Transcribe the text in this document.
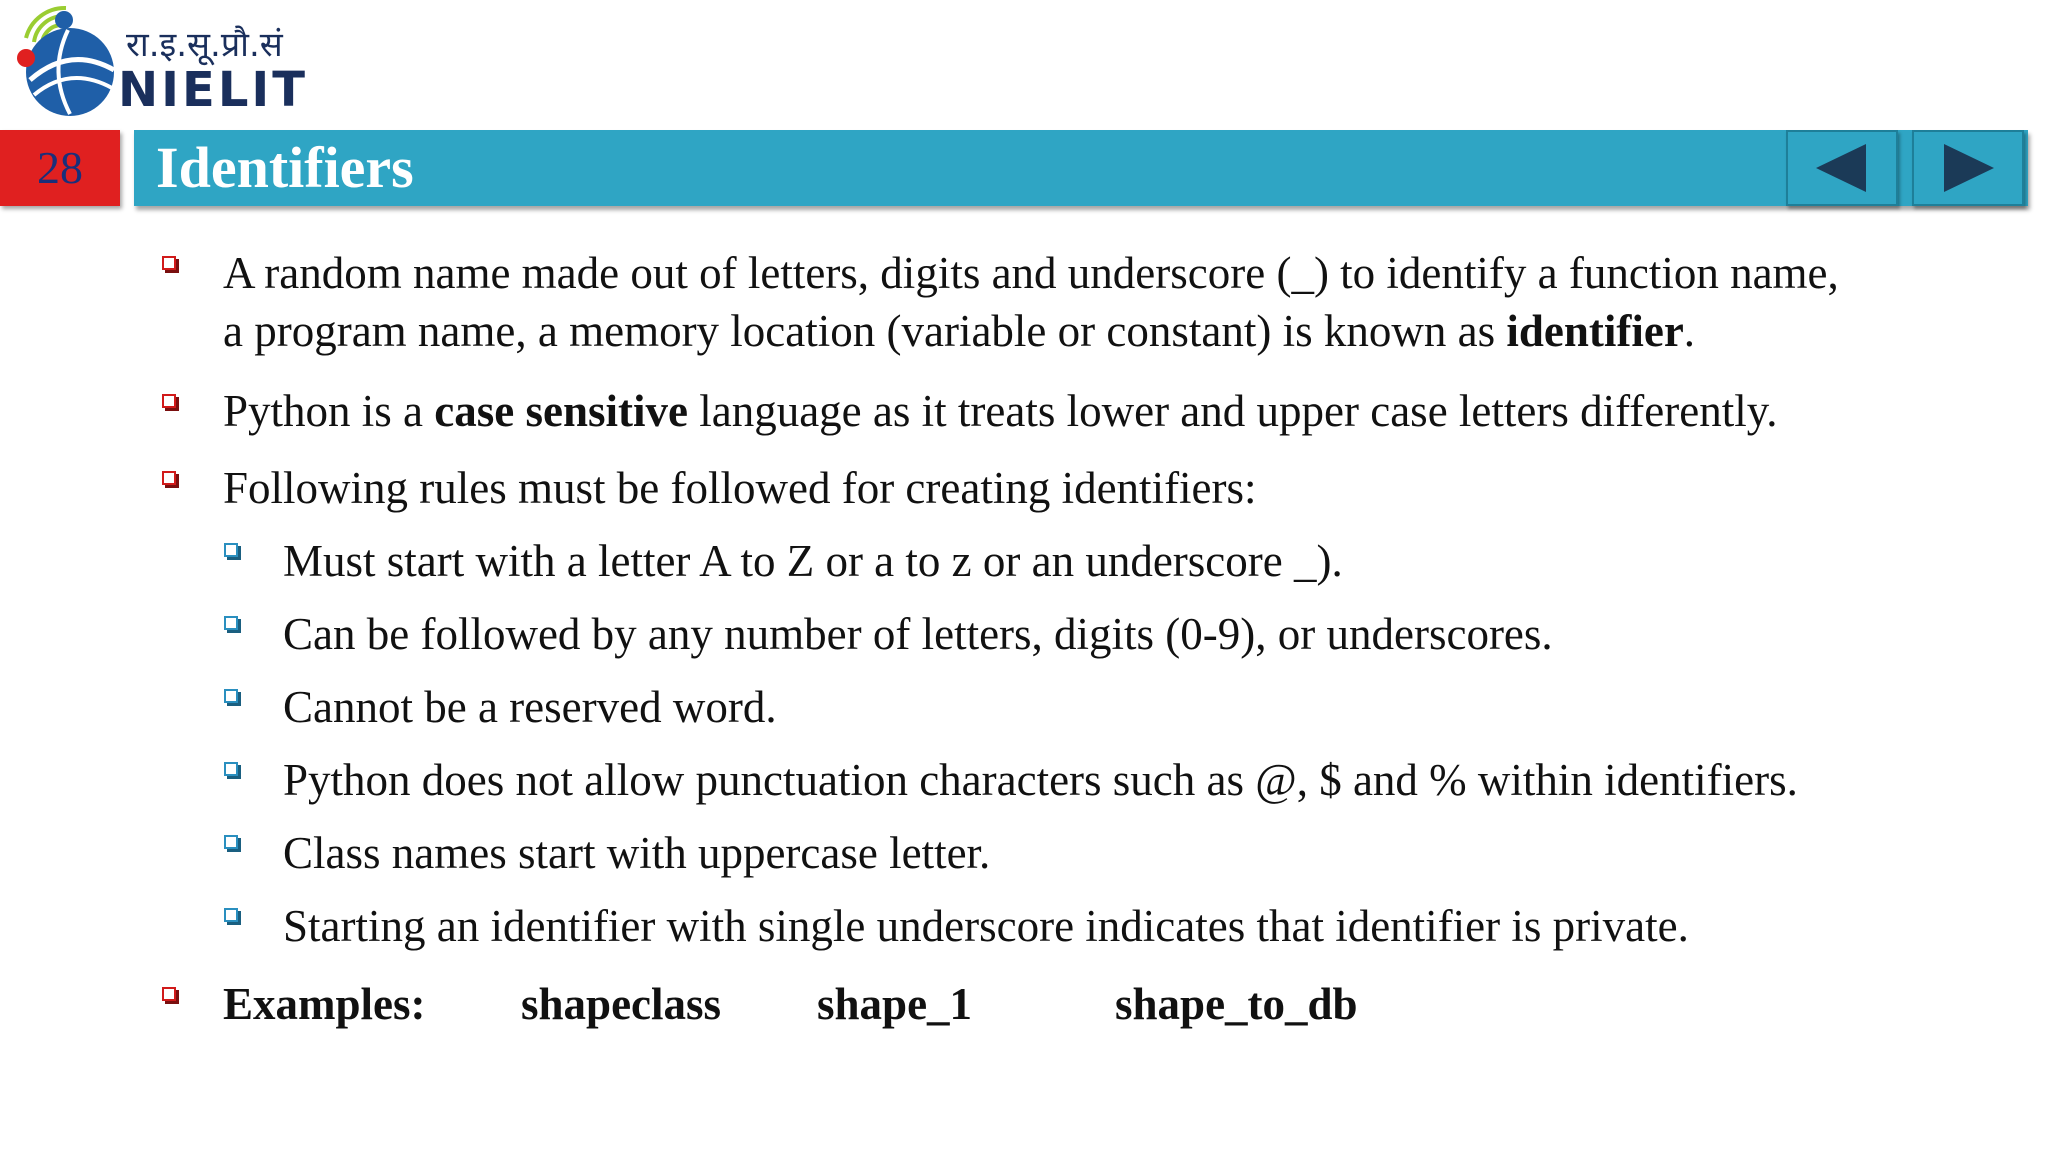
रा.इ.सू.प्रौ.सं
NIELIT
28	Identifiers
A random name made out of letters, digits and underscore (_) to identify a function name,
a program name, a memory location (variable or constant) is known as identifier.
Python is a case sensitive language as it treats lower and upper case letters differently.
Following rules must be followed for creating identifiers:
Must start with a letter A to Z or a to z or an underscore _).
Can be followed by any number of letters, digits (0-9), or underscores.
Cannot be a reserved word.
Python does not allow punctuation characters such as @, $ and % within identifiers.
Class names start with uppercase letter.
Starting an identifier with single underscore indicates that identifier is private.
Examples: shapeclass shape_1	shape_to_db
